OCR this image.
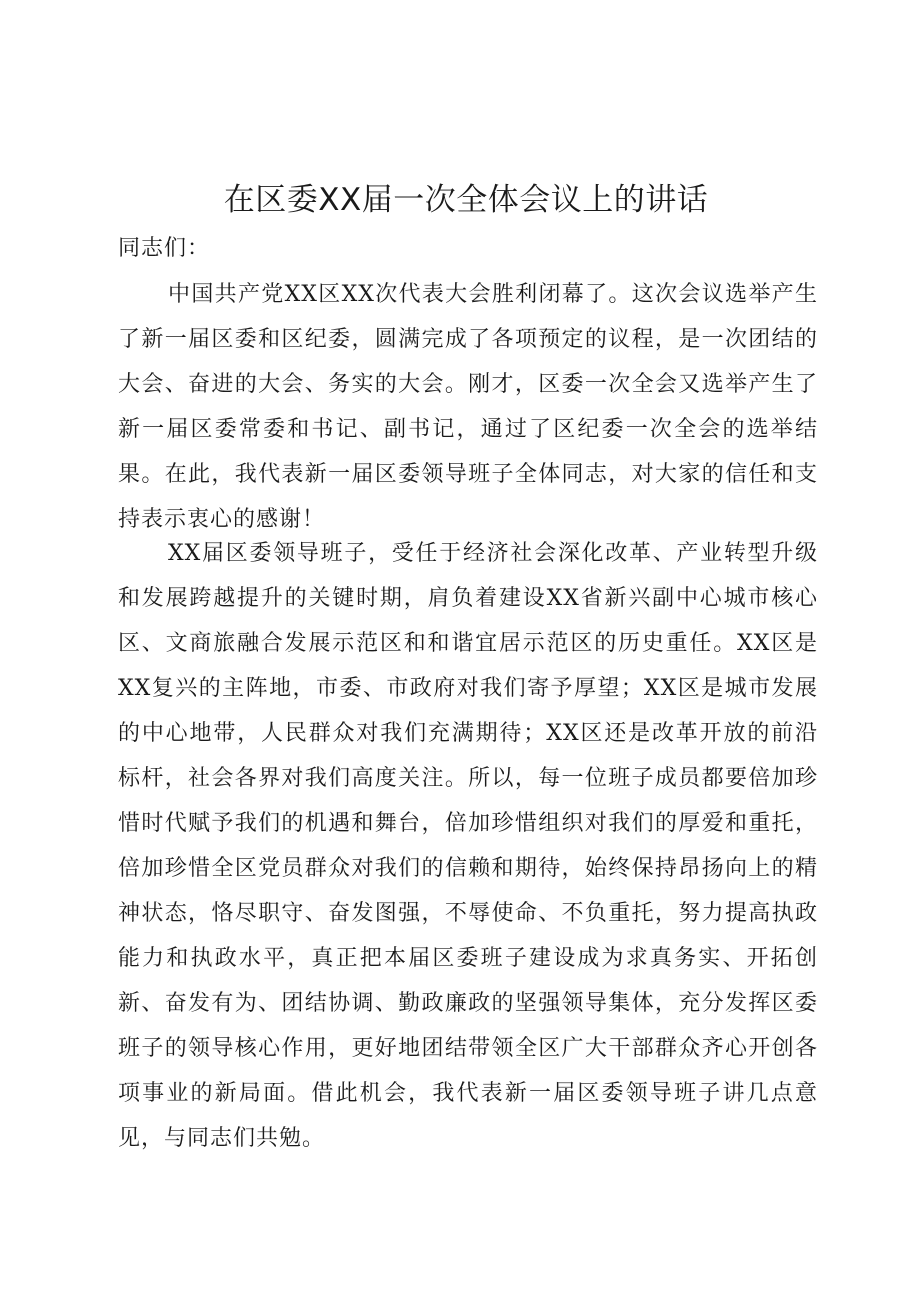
在区委XX届一次全体会议上的讲话

同志们：

中国共产党XX区XX次代表大会胜利闭幕了。这次会议选举产生了新一届区委和区纪委，圆满完成了各项预定的议程，是一次团结的大会、奋进的大会、务实的大会。刚才，区委一次全会又选举产生了新一届区委常委和书记、副书记，通过了区纪委一次全会的选举结果。在此，我代表新一届区委领导班子全体同志，对大家的信任和支持表示衷心的感谢！

XX届区委领导班子，受任于经济社会深化改革、产业转型升级和发展跨越提升的关键时期，肩负着建设XX省新兴副中心城市核心区、文商旅融合发展示范区和和谐宜居示范区的历史重任。XX区是XX复兴的主阵地，市委、市政府对我们寄予厚望；XX区是城市发展的中心地带，人民群众对我们充满期待；XX区还是改革开放的前沿标杆，社会各界对我们高度关注。所以，每一位班子成员都要倍加珍惜时代赋予我们的机遇和舞台，倍加珍惜组织对我们的厚爱和重托，倍加珍惜全区党员群众对我们的信赖和期待，始终保持昂扬向上的精神状态，恪尽职守、奋发图强，不辱使命、不负重托，努力提高执政能力和执政水平，真正把本届区委班子建设成为求真务实、开拓创新、奋发有为、团结协调、勤政廉政的坚强领导集体，充分发挥区委班子的领导核心作用，更好地团结带领全区广大干部群众齐心开创各项事业的新局面。借此机会，我代表新一届区委领导班子讲几点意见，与同志们共勉。
